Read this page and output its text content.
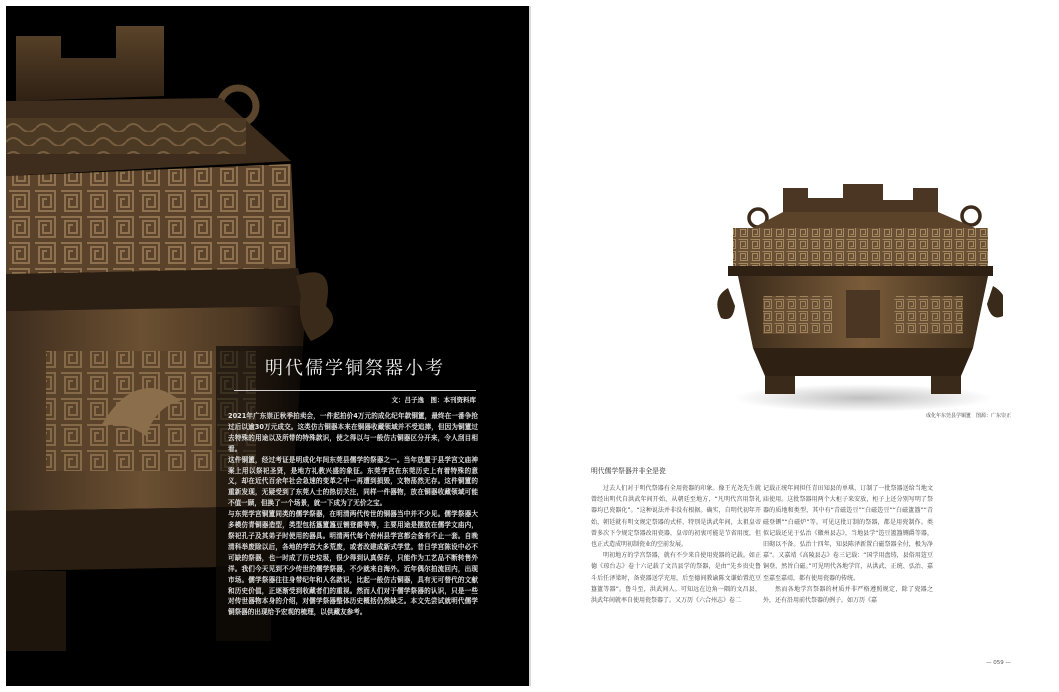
明代儒学铜祭器小考
文：吕子逸　图：本刊资料库

2021年广东崇正秋季拍卖会，一件起拍价4万元的成化纪年款铜簠，最终在一番争抢过后以逾30万元成交。这类仿古铜器本来在铜器收藏领域并不受追捧，但因为铜簠过去特殊的用途以及所带的特殊款识，使之得以与一般仿古铜器区分开来，令人刮目相看。

这件铜簠，经过考证是明成化年间东莞县儒学的祭器之一。当年放置于县学宫文庙神案上用以祭祀圣贤，是地方礼教兴盛的象征。东莞学宫在东莞历史上有着特殊的意义，却在近代百余年社会急速的变革之中一再遭到损毁，文物荡然无存。这件铜簠的重新发现，无疑受到了东莞人士的热切关注，同样一件器物，放在铜器收藏领域可能不值一顾，但换了一个场景，就一下成为了无价之宝。

与东莞学宫铜簠同类的儒学祭器，在明清两代传世的铜器当中并不少见。儒学祭器大多模仿青铜器造型，类型包括簋簠簋豆铏登爵等等，主要用途是摆放在儒学文庙内，祭祀孔子及其弟子时使用的器具。明清两代每个府州县学宫都会备有不止一套。自晚清科举废除以后，各地的学宫大多荒废，或者改建成新式学堂。昔日学宫陈设中必不可缺的祭器，也一时成了历史垃圾，很少得到认真保存，只能作为工艺品不断转售外洋。我们今天见到不少传世的儒学祭器，不少就来自海外。近年偶尔拍流回内，出现市场。儒学祭器往往身带纪年和人名款识，比起一般仿古铜器，具有无可替代的文献和历史价值，正逐渐受到收藏者们的重视。然而人们对于儒学祭器的认识，只是一些对传世器物本身的介绍，对儒学祭器整体历史概括仍然缺乏。本文先尝试就明代儒学铜祭器的出现给予宏观的梳理，以供藏友参考。

成化年东莞县学铜簠　图源：广东崇正
明代儒学祭器并非全是瓷

过去人们对于明代祭器有全用瓷器的印象。像王光尧先生就曾经出明代自洪武年间开始，从朝廷至地方，“凡明代宫用祭礼器均已瓷器化”。“这种说法并非没有根据。确实，自明代初年开始，朝廷就有明文规定祭器的式样，特别是洪武年间，太祖皇帝曾多次下令规定祭器改用瓷器，皇帝的初衷可能是节省用度，但也正式造成明初制瓷业的空前发展。

明初地方的学宫祭器，就有不少来自使用瓷器的记载。如正德《琼台志》卷十六记载了文昌县学的祭器，是由“先乡贵史鲁斗后任泽梁时，备瓷器送学充用，后至德间教谕陈文谦始置范豆簋簠等器”。鲁斗至，洪武间人。可知远在边角一隅的文昌县，洪武年间就率自使用瓷祭器了。又万历《六合州志》卷二

记载正统年间担任青田知县的单琪，订制了一批祭器送给当地文庙使用。这批祭器用两个大柜子来安放，柜子上还分别写明了祭器的质地和类型，其中有“青磁笾豆”“白磁笾豆”“白磁簠簋”“青磁登铏”“白磁炉”等。可见这批订制的祭器，都是用瓷制作。类似记载还见于弘治《徽州县志》，当地县学“笾豆簠簋铏爵等器，旧砌以不备。弘治十四年，知县陈泽新置白磁祭器全付，极为净嘉”。又嘉靖《高陵县志》卷三记载：“国学用盘铸，县俗用笾豆铜登，然旨白磁。”可见明代各地学宫，从洪武、正统、弘治、嘉至嘉至嘉靖，都有使用瓷器的传统。

然而各地学宫祭器的材质并非严格遵照规定，除了瓷器之外，还有沿用前代祭器的例子。如万历《嘉

— 059 —
